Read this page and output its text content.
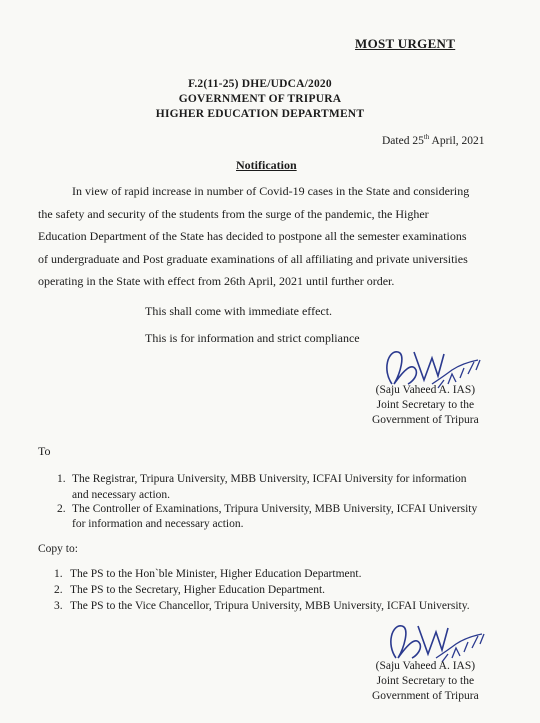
MOST URGENT
F.2(11-25) DHE/UDCA/2020
GOVERNMENT OF TRIPURA
HIGHER EDUCATION DEPARTMENT
Dated 25th April, 2021
Notification
In view of rapid increase in number of Covid-19 cases in the State and considering
the safety and security of the students from the surge of the pandemic, the Higher
Education Department of the State has decided to postpone all the semester examinations
of undergraduate and Post graduate examinations of all affiliating and private universities
operating in the State with effect from 26th April, 2021 until further order.
This shall come with immediate effect.
This is for information and strict compliance
(Saju Vaheed A. IAS)
Joint Secretary to the
Government of Tripura
To
1. The Registrar, Tripura University, MBB University, ICFAI University for information
and necessary action.
2. The Controller of Examinations, Tripura University, MBB University, ICFAI University
for information and necessary action.
Copy to:
1. The PS to the Hon`ble Minister, Higher Education Department.
2. The PS to the Secretary, Higher Education Department.
3. The PS to the Vice Chancellor, Tripura University, MBB University, ICFAI University.
(Saju Vaheed A. IAS)
Joint Secretary to the
Government of Tripura
